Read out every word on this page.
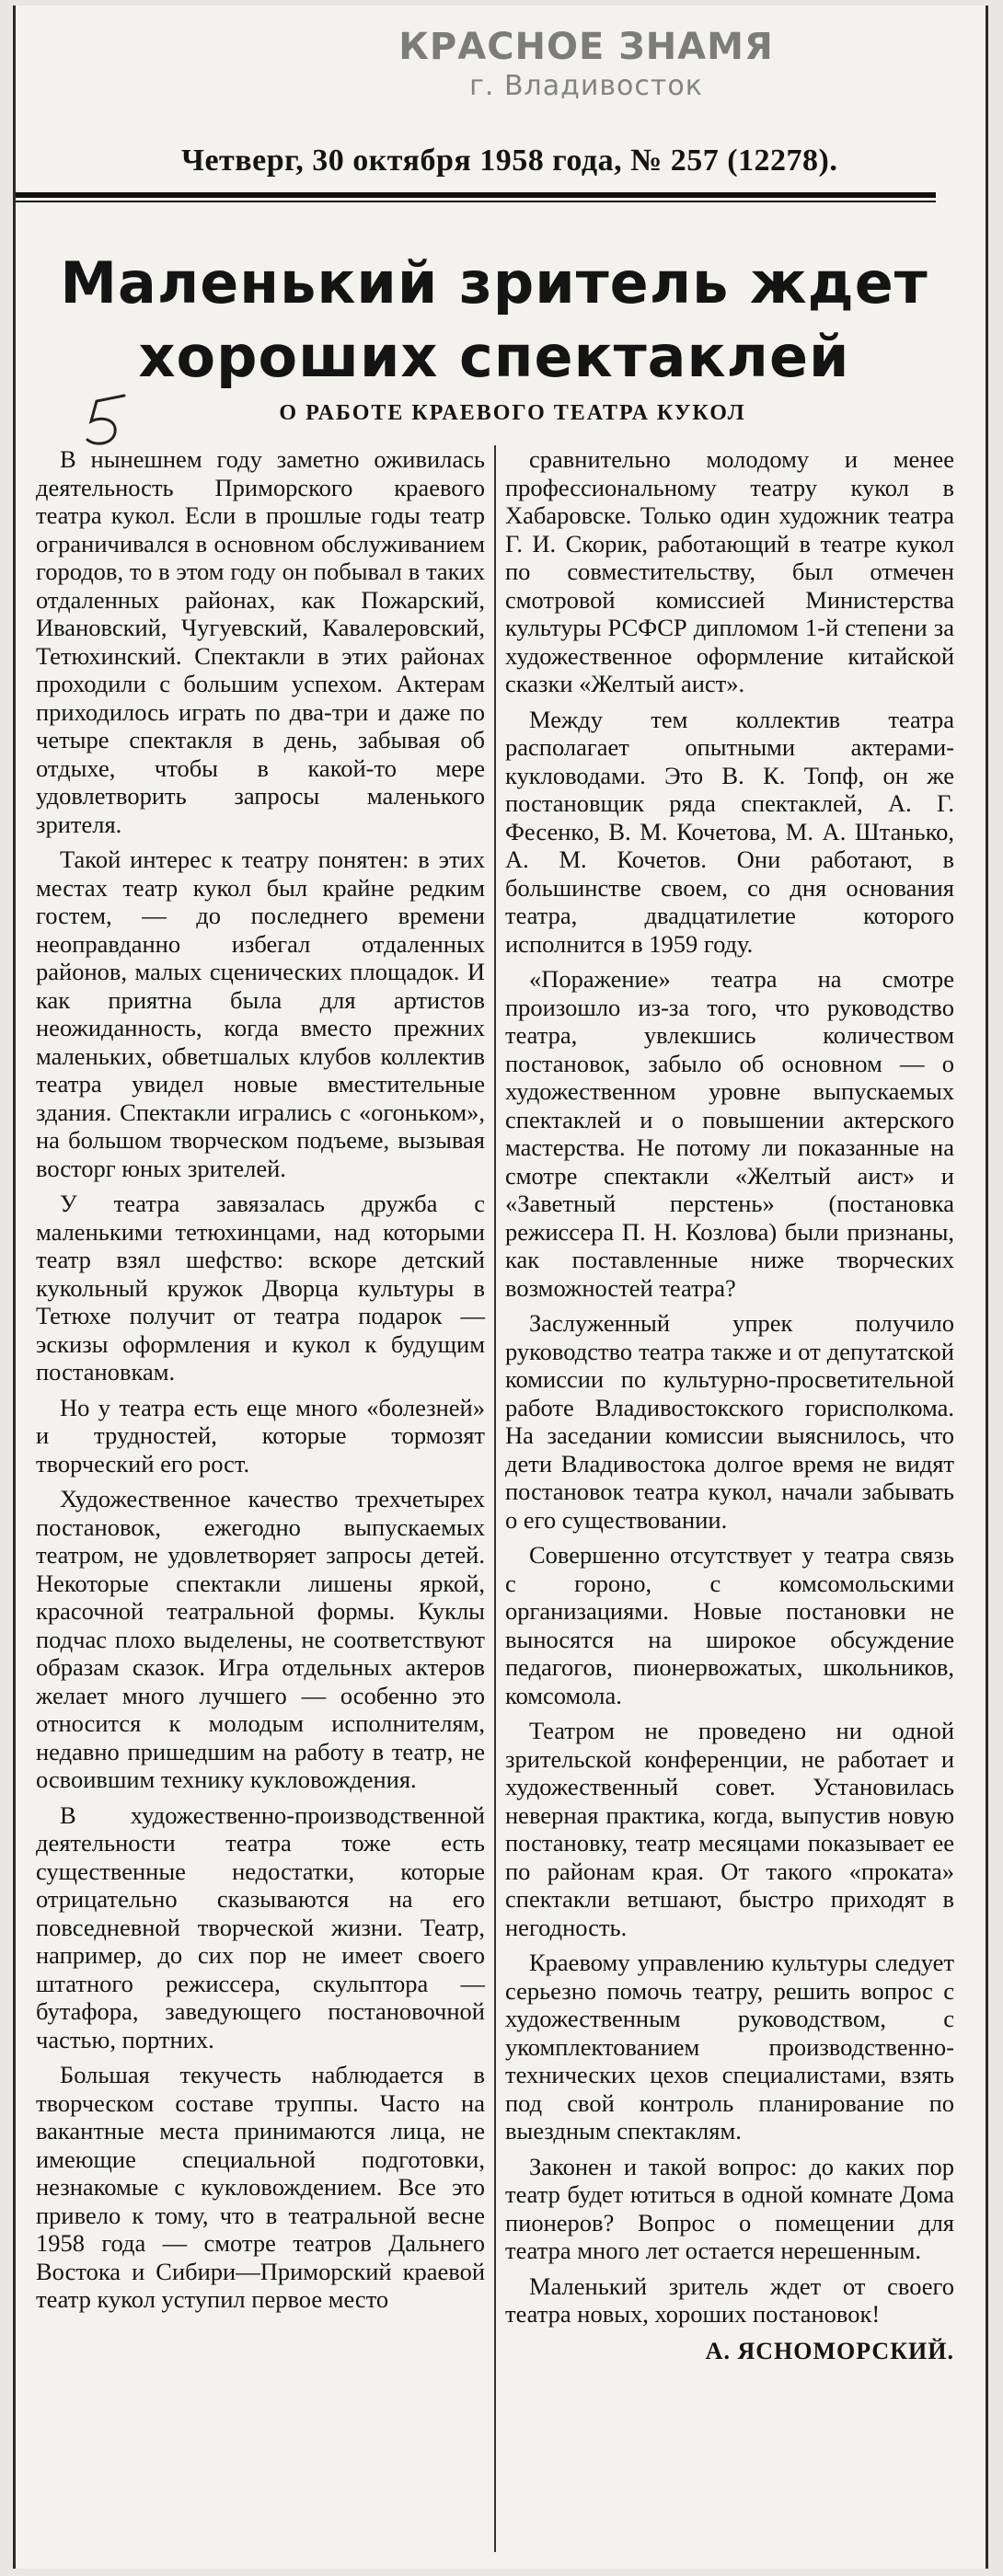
КРАСНОЕ ЗНАМЯ
г. Владивосток
Четверг, 30 октября 1958 года, № 257 (12278).
Маленький зритель ждет
хороших спектаклей
О РАБОТЕ КРАЕВОГО ТЕАТРА КУКОЛ

В нынешнем году заметно оживилась деятельность Приморского краевого театра кукол. Если в прошлые годы театр ограничивался в основном обслуживанием городов, то в этом году он побывал в таких отдаленных районах, как Пожарский, Ивановский, Чугуевский, Кавалеровский, Тетюхинский. Спектакли в этих районах проходили с большим успехом. Актерам приходилось играть по два-три и даже по четыре спектакля в день, забывая об отдыхе, чтобы в какой-то мере удовлетворить запросы маленького зрителя.

Такой интерес к театру понятен: в этих местах театр кукол был крайне редким гостем, — до последнего времени неоправданно избегал отдаленных районов, малых сценических площадок. И как приятна была для артистов неожиданность, когда вместо прежних маленьких, обветшалых клубов коллектив театра увидел новые вместительные здания. Спектакли игрались с «огоньком», на большом творческом подъеме, вызывая восторг юных зрителей.

У театра завязалась дружба с маленькими тетюхинцами, над которыми театр взял шефство: вскоре детский кукольный кружок Дворца культуры в Тетюхе получит от театра подарок — эскизы оформления и кукол к будущим постановкам.

Но у театра есть еще много «болезней» и трудностей, которые тормозят творческий его рост.

Художественное качество трехчетырех постановок, ежегодно выпускаемых театром, не удовлетворяет запросы детей. Некоторые спектакли лишены яркой, красочной театральной формы. Куклы подчас плохо выделены, не соответствуют образам сказок. Игра отдельных актеров желает много лучшего — особенно это относится к молодым исполнителям, недавно пришедшим на работу в театр, не освоившим технику кукловождения.

В художественно-производственной деятельности театра тоже есть существенные недостатки, которые отрицательно сказываются на его повседневной творческой жизни. Театр, например, до сих пор не имеет своего штатного режиссера, скульптора — бутафора, заведующего постановочной частью, портних.

Большая текучесть наблюдается в творческом составе труппы. Часто на вакантные места принимаются лица, не имеющие специальной подготовки, незнакомые с кукловождением. Все это привело к тому, что в театральной весне 1958 года — смотре театров Дальнего Востока и Сибири—Приморский краевой театр кукол уступил первое место

сравнительно молодому и менее профессиональному театру кукол в Хабаровске. Только один художник театра Г. И. Скорик, работающий в театре кукол по совместительству, был отмечен смотровой комиссией Министерства культуры РСФСР дипломом 1-й степени за художественное оформление китайской сказки «Желтый аист».

Между тем коллектив театра располагает опытными актерами-кукловодами. Это В. К. Топф, он же постановщик ряда спектаклей, А. Г. Фесенко, В. М. Кочетова, М. А. Штанько, А. М. Кочетов. Они работают, в большинстве своем, со дня основания театра, двадцатилетие которого исполнится в 1959 году.

«Поражение» театра на смотре произошло из-за того, что руководство театра, увлекшись количеством постановок, забыло об основном — о художественном уровне выпускаемых спектаклей и о повышении актерского мастерства. Не потому ли показанные на смотре спектакли «Желтый аист» и «Заветный перстень» (постановка режиссера П. Н. Козлова) были признаны, как поставленные ниже творческих возможностей театра?

Заслуженный упрек получило руководство театра также и от депутатской комиссии по культурно-просветительной работе Владивостокского горисполкома. На заседании комиссии выяснилось, что дети Владивостока долгое время не видят постановок театра кукол, начали забывать о его существовании.

Совершенно отсутствует у театра связь с гороно, с комсомольскими организациями. Новые постановки не выносятся на широкое обсуждение педагогов, пионервожатых, школьников, комсомола.

Театром не проведено ни одной зрительской конференции, не работает и художественный совет. Установилась неверная практика, когда, выпустив новую постановку, театр месяцами показывает ее по районам края. От такого «проката» спектакли ветшают, быстро приходят в негодность.

Краевому управлению культуры следует серьезно помочь театру, решить вопрос с художественным руководством, с укомплектованием производственно-технических цехов специалистами, взять под свой контроль планирование по выездным спектаклям.

Законен и такой вопрос: до каких пор театр будет ютиться в одной комнате Дома пионеров? Вопрос о помещении для театра много лет остается нерешенным.

Маленький зритель ждет от своего театра новых, хороших постановок!

А. ЯСНОМОРСКИЙ.
